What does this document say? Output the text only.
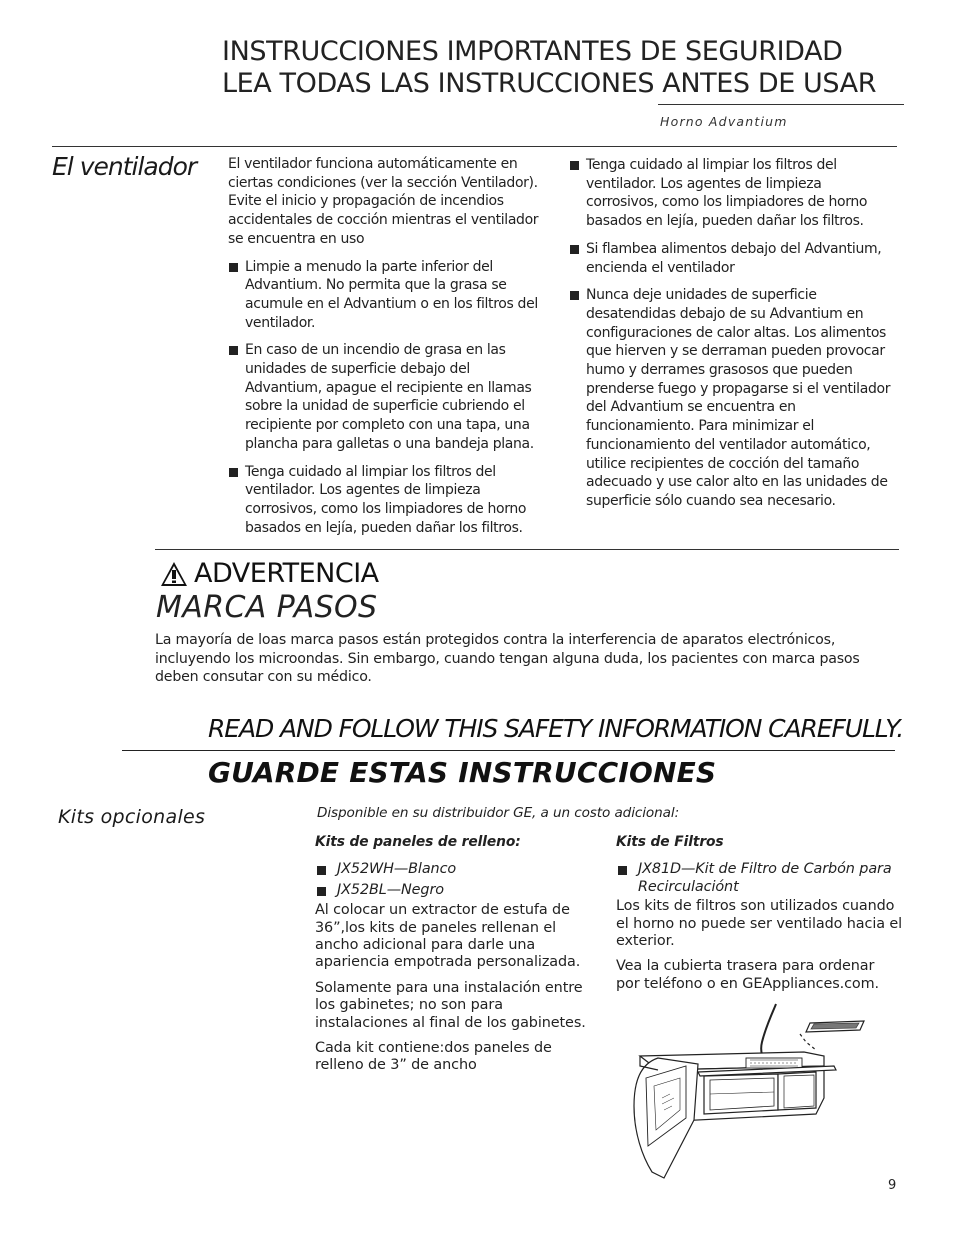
INSTRUCCIONES IMPORTANTES DE SEGURIDAD
LEA TODAS LAS INSTRUCCIONES ANTES DE USAR
Horno Advantium
El ventilador El ventilador funciona automáticamente en ciertas condiciones (ver la sección Ventilador). Evite el inicio y propagación de incendios accidentales de cocción mientras el ventilador se encuentra en uso

Limpie a menudo la parte inferior del Advantium. No permita que la grasa se acumule en el Advantium o en los filtros del ventilador.
En caso de un incendio de grasa en las unidades de superficie debajo del Advantium, apague el recipiente en llamas sobre la unidad de superficie cubriendo el recipiente por completo con una tapa, una plancha para galletas o una bandeja plana.
Tenga cuidado al limpiar los filtros del ventilador. Los agentes de limpieza corrosivos, como los limpiadores de horno basados en lejía, pueden dañar los filtros.
Tenga cuidado al limpiar los filtros del ventilador. Los agentes de limpieza corrosivos, como los limpiadores de horno basados en lejía, pueden dañar los filtros.
Si flambea alimentos debajo del Advantium, encienda el ventilador
Nunca deje unidades de superficie desatendidas debajo de su Advantium en configuraciones de calor altas. Los alimentos que hierven y se derraman pueden provocar humo y derrames grasosos que pueden prenderse fuego y propagarse si el ventilador del Advantium se encuentra en funcionamiento. Para minimizar el funcionamiento del ventilador automático, utilice recipientes de cocción del tamaño adecuado y use calor alto en las unidades de superficie sólo cuando sea necesario.
ADVERTENCIA
MARCA PASOS
La mayoría de loas marca pasos están protegidos contra la interferencia de aparatos electrónicos, incluyendo los microondas. Sin embargo, cuando tengan alguna duda, los pacientes con marca pasos deben consutar con su médico.
READ AND FOLLOW THIS SAFETY INFORMATION CAREFULLY.
GUARDE ESTAS INSTRUCCIONES
Kits opcionales	Disponible en su distribuidor GE, a un costo adicional:

Kits de paneles de relleno:

JX52WH—Blanco
JX52BL—Negro

Al colocar un extractor de estufa de 36”,los kits de paneles rellenan el ancho adicional para darle una apariencia empotrada personalizada.

Solamente para una instalación entre los gabinetes; no son para instalaciones al final de los gabinetes.

Cada kit contiene:dos paneles de relleno de 3” de ancho

Kits de Filtros

JX81D—Kit de Filtro de Carbón para Recirculaciónt

Los kits de filtros son utilizados cuando el horno no puede ser ventilado hacia el exterior.

Vea la cubierta trasera para ordenar por teléfono o en GEAppliances.com.

9
